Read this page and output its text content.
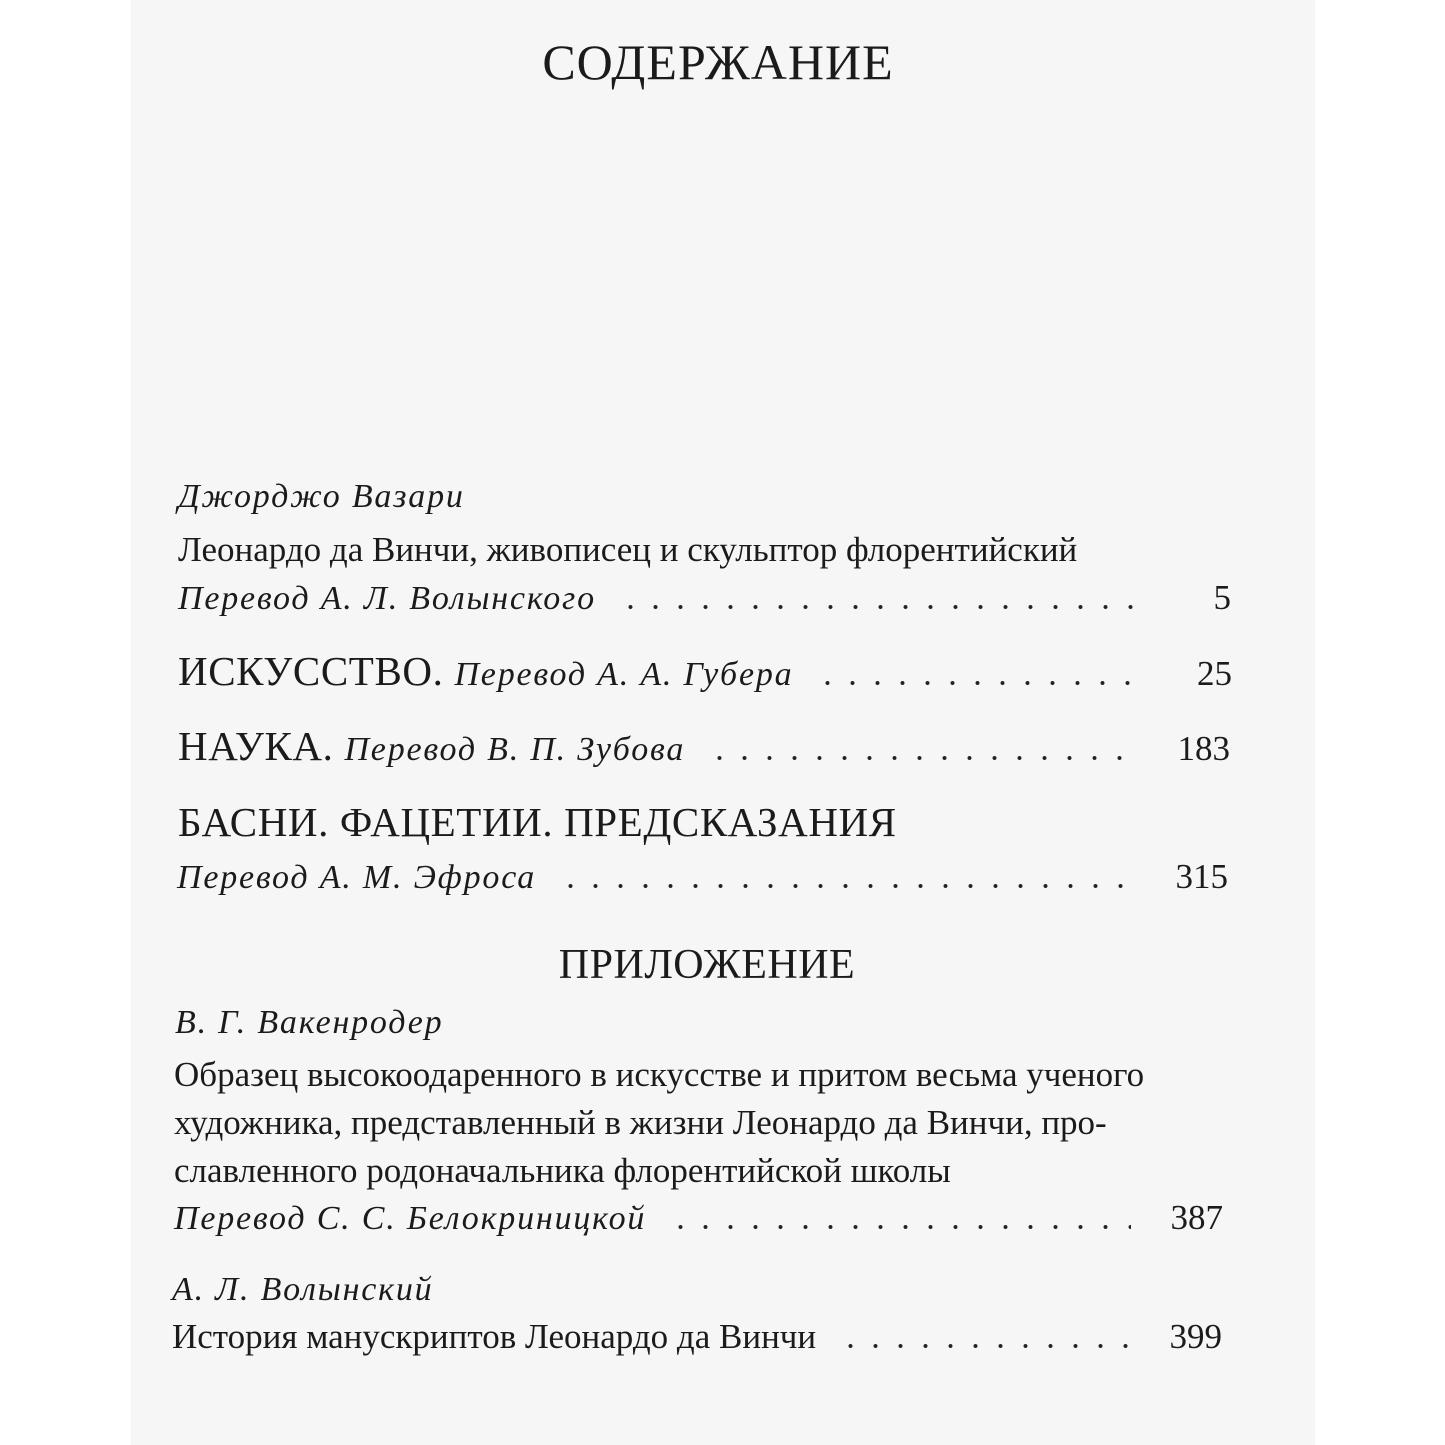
СОДЕРЖАНИЕ
Джорджо Вазари
Леонардо да Винчи, живописец и скульптор флорентийский
Перевод А. Л. Волынского ​	5
ИСКУССТВО. Перевод А. А. Губера ​	25
НАУКА. Перевод В. П. Зубова ​	183
БАСНИ. ФАЦЕТИИ. ПРЕДСКАЗАНИЯ
Перевод А. М. Эфроса ​	315
ПРИЛОЖЕНИЕ
В. Г. Вакенродер
Образец высокоодаренного в искусстве и притом весьма ученого
художника, представленный в жизни Леонардо да Винчи, про-
славленного родоначальника флорентийской школы
Перевод С. С. Белокриницкой ​	387
А. Л. Волынский
История манускриптов Леонардо да Винчи ​	399
